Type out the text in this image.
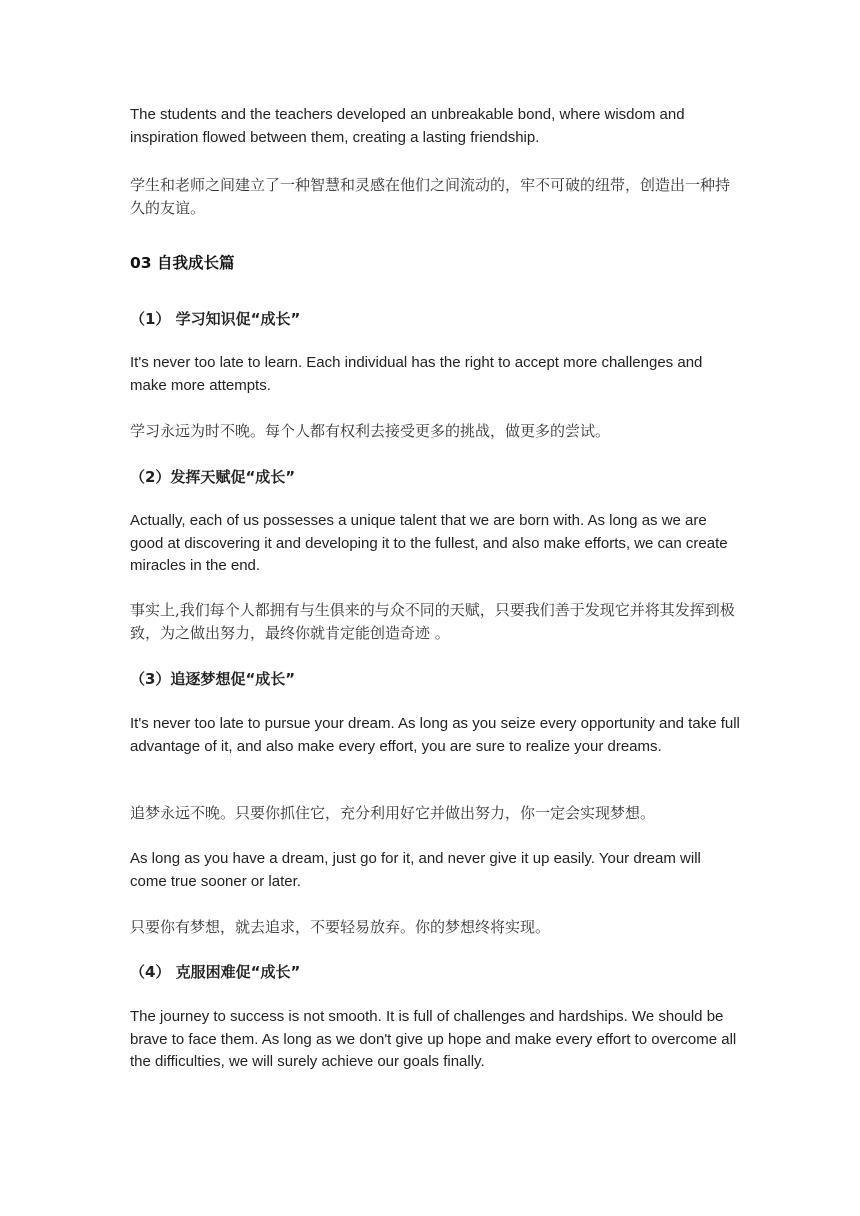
The students and the teachers developed an unbreakable bond, where wisdom and inspiration flowed between them, creating a lasting friendship.

学生和老师之间建立了一种智慧和灵感在他们之间流动的，牢不可破的纽带，创造出一种持久的友谊。

03 自我成长篇

（1） 学习知识促“成长”

It's never too late to learn. Each individual has the right to accept more challenges and make more attempts.

学习永远为时不晚。每个人都有权利去接受更多的挑战，做更多的尝试。

（2）发挥天赋促“成长”

Actually, each of us possesses a unique talent that we are born with. As long as we are good at discovering it and developing it to the fullest, and also make efforts, we can create miracles in the end.

事实上,我们每个人都拥有与生俱来的与众不同的天赋，只要我们善于发现它并将其发挥到极致，为之做出努力，最终你就肯定能创造奇迹 。

（3）追逐梦想促“成长”

It's never too late to pursue your dream. As long as you seize every opportunity and take full advantage of it, and also make every effort, you are sure to realize your dreams.

追梦永远不晚。只要你抓住它，充分利用好它并做出努力，你一定会实现梦想。

As long as you have a dream, just go for it, and never give it up easily. Your dream will come true sooner or later.

只要你有梦想，就去追求，不要轻易放弃。你的梦想终将实现。

（4） 克服困难促“成长”

The journey to success is not smooth. It is full of challenges and hardships. We should be brave to face them. As long as we don't give up hope and make every effort to overcome all the difficulties, we will surely achieve our goals finally.
